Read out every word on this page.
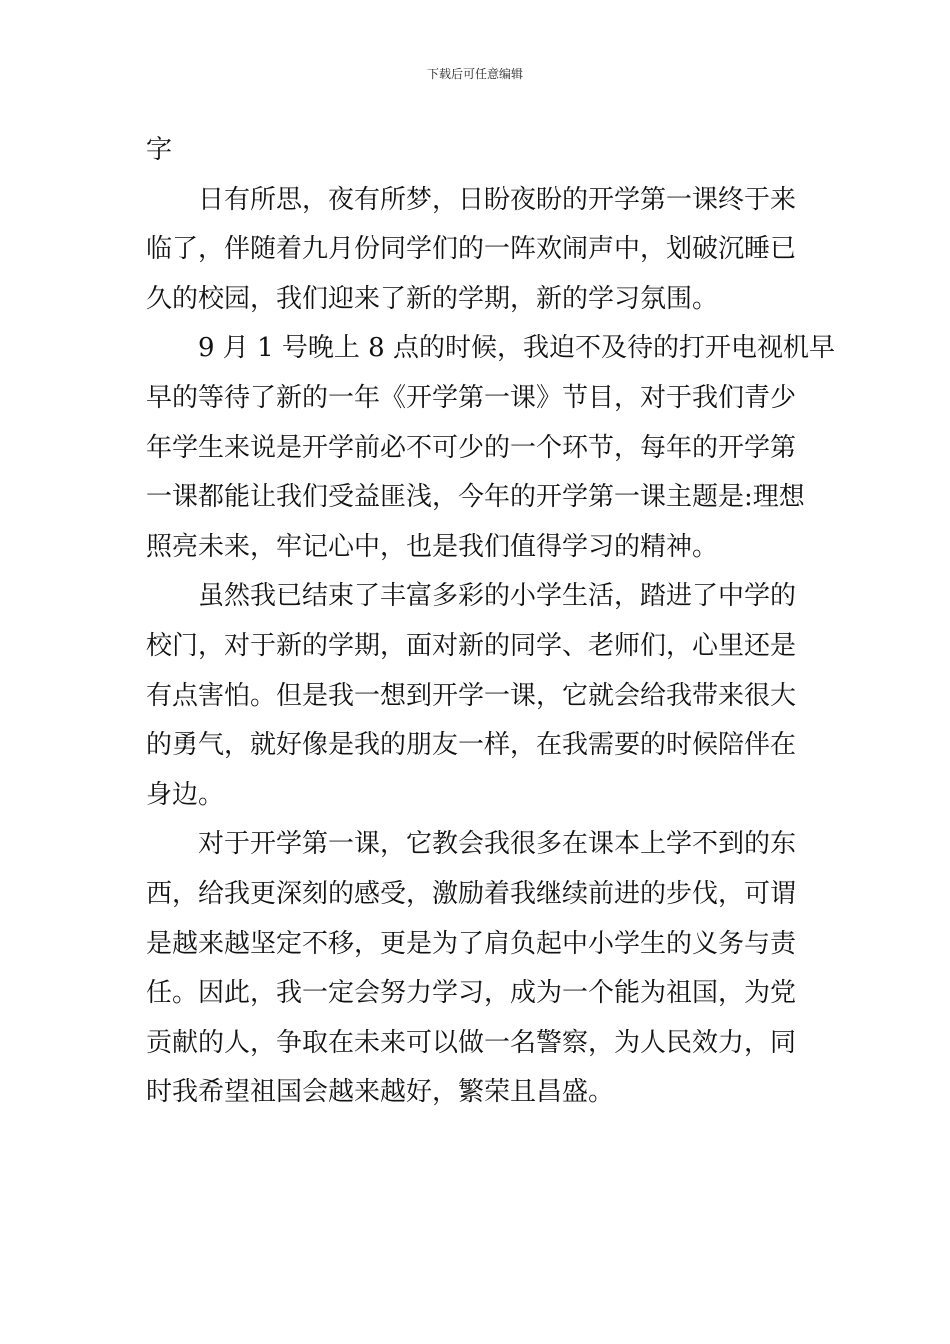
下载后可任意编辑

字

日有所思，夜有所梦，日盼夜盼的开学第一课终于来
临了，伴随着九月份同学们的一阵欢闹声中，划破沉睡已
久的校园，我们迎来了新的学期，新的学习氛围。

9 月 1 号晚上 8 点的时候，我迫不及待的打开电视机早
早的等待了新的一年《开学第一课》节目，对于我们青少
年学生来说是开学前必不可少的一个环节，每年的开学第
一课都能让我们受益匪浅，今年的开学第一课主题是:理想
照亮未来，牢记心中，也是我们值得学习的精神。

虽然我已结束了丰富多彩的小学生活，踏进了中学的
校门，对于新的学期，面对新的同学、老师们，心里还是
有点害怕。但是我一想到开学一课，它就会给我带来很大
的勇气，就好像是我的朋友一样，在我需要的时候陪伴在
身边。

对于开学第一课，它教会我很多在课本上学不到的东
西，给我更深刻的感受，激励着我继续前进的步伐，可谓
是越来越坚定不移，更是为了肩负起中小学生的义务与责
任。因此，我一定会努力学习，成为一个能为祖国，为党
贡献的人，争取在未来可以做一名警察，为人民效力，同
时我希望祖国会越来越好，繁荣且昌盛。
